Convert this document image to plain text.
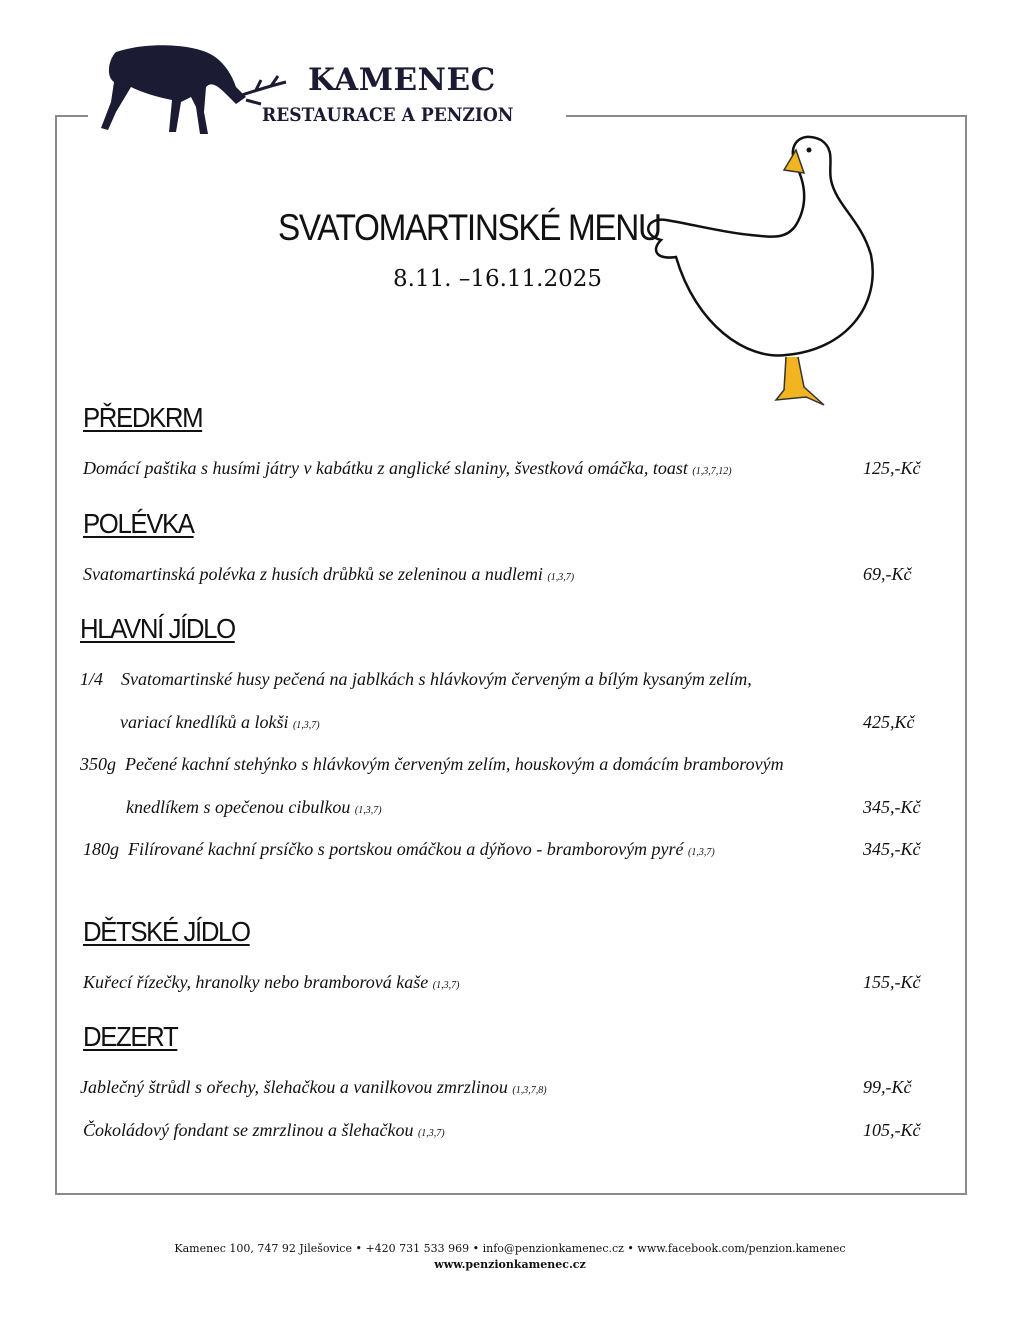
KAMENEC
RESTAURACE A PENZION
SVATOMARTINSKÉ MENU
8.11. –16.11.2025
PŘEDKRM
Domácí paštika s husími játry v kabátku z anglické slaniny, švestková omáčka, toast (1,3,7,12)	125,-Kč
POLÉVKA
Svatomartinská polévka z husích drůbků se zeleninou a nudlemi (1,3,7)	69,-Kč
HLAVNÍ JÍDLO
1/4 Svatomartinské husy pečená na jablkách s hlávkovým červeným a bílým kysaným zelím,
variací knedlíků a lokši (1,3,7)	425,Kč
350g Pečené kachní stehýnko s hlávkovým červeným zelím, houskovým a domácím bramborovým
knedlíkem s opečenou cibulkou (1,3,7)	345,-Kč
180g Filírované kachní prsíčko s portskou omáčkou a dýňovo - bramborovým pyré (1,3,7)	345,-Kč
DĚTSKÉ JÍDLO
Kuřecí řízečky, hranolky nebo bramborová kaše (1,3,7)	155,-Kč
DEZERT
Jablečný štrůdl s ořechy, šlehačkou a vanilkovou zmrzlinou (1,3,7,8)	99,-Kč
Čokoládový fondant se zmrzlinou a šlehačkou (1,3,7)	105,-Kč
Kamenec 100, 747 92 Jilešovice • +420 731 533 969 • info@penzionkamenec.cz • www.facebook.com/penzion.kamenec
www.penzionkamenec.cz
